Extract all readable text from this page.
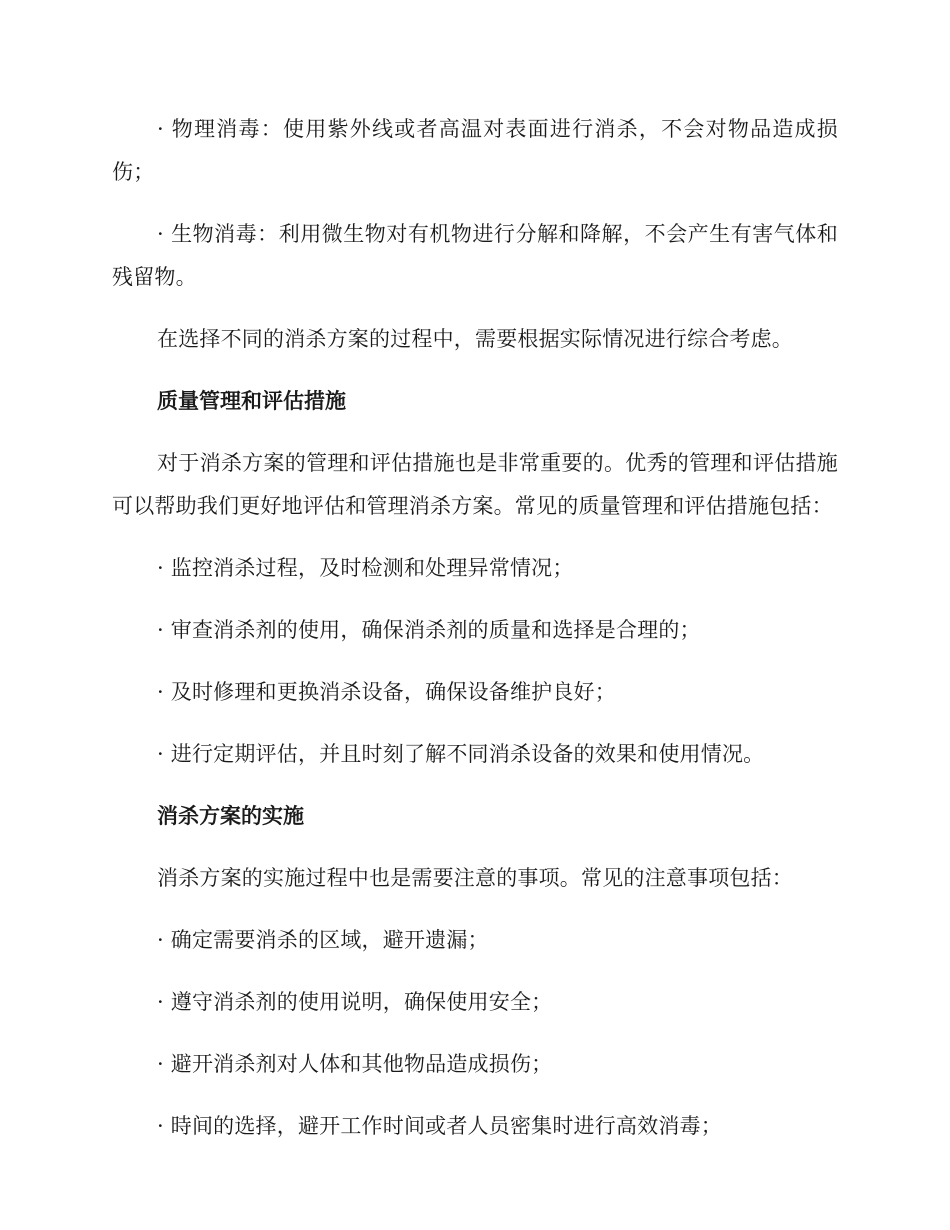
· 物理消毒：使用紫外线或者高温对表面进行消杀，不会对物品造成损伤；

· 生物消毒：利用微生物对有机物进行分解和降解，不会产生有害气体和残留物。

在选择不同的消杀方案的过程中，需要根据实际情况进行综合考虑。

质量管理和评估措施

对于消杀方案的管理和评估措施也是非常重要的。优秀的管理和评估措施可以帮助我们更好地评估和管理消杀方案。常见的质量管理和评估措施包括：

· 监控消杀过程，及时检测和处理异常情况；

· 审查消杀剂的使用，确保消杀剂的质量和选择是合理的；

· 及时修理和更换消杀设备，确保设备维护良好；

· 进行定期评估，并且时刻了解不同消杀设备的效果和使用情况。

消杀方案的实施

消杀方案的实施过程中也是需要注意的事项。常见的注意事项包括：

· 确定需要消杀的区域，避开遗漏；

· 遵守消杀剂的使用说明，确保使用安全；

· 避开消杀剂对人体和其他物品造成损伤；

· 時间的选择，避开工作时间或者人员密集时进行高效消毒；
